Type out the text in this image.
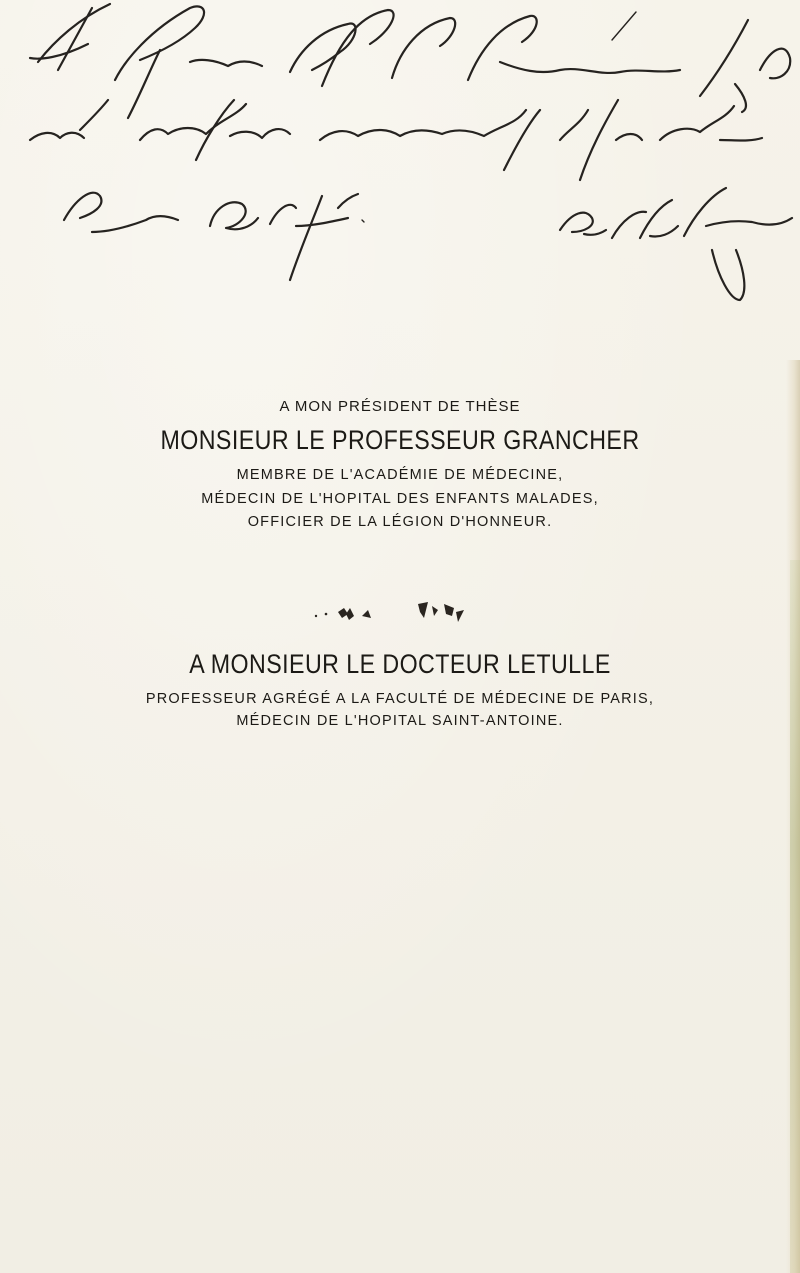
A MON PRÉSIDENT DE THÈSE
MONSIEUR LE PROFESSEUR GRANCHER
MEMBRE DE L'ACADÉMIE DE MÉDECINE,
MÉDECIN DE L'HOPITAL DES ENFANTS MALADES,
OFFICIER DE LA LÉGION D'HONNEUR.
A MONSIEUR LE DOCTEUR LETULLE
PROFESSEUR AGRÉGÉ A LA FACULTÉ DE MÉDECINE DE PARIS,
MÉDECIN DE L'HOPITAL SAINT-ANTOINE.
